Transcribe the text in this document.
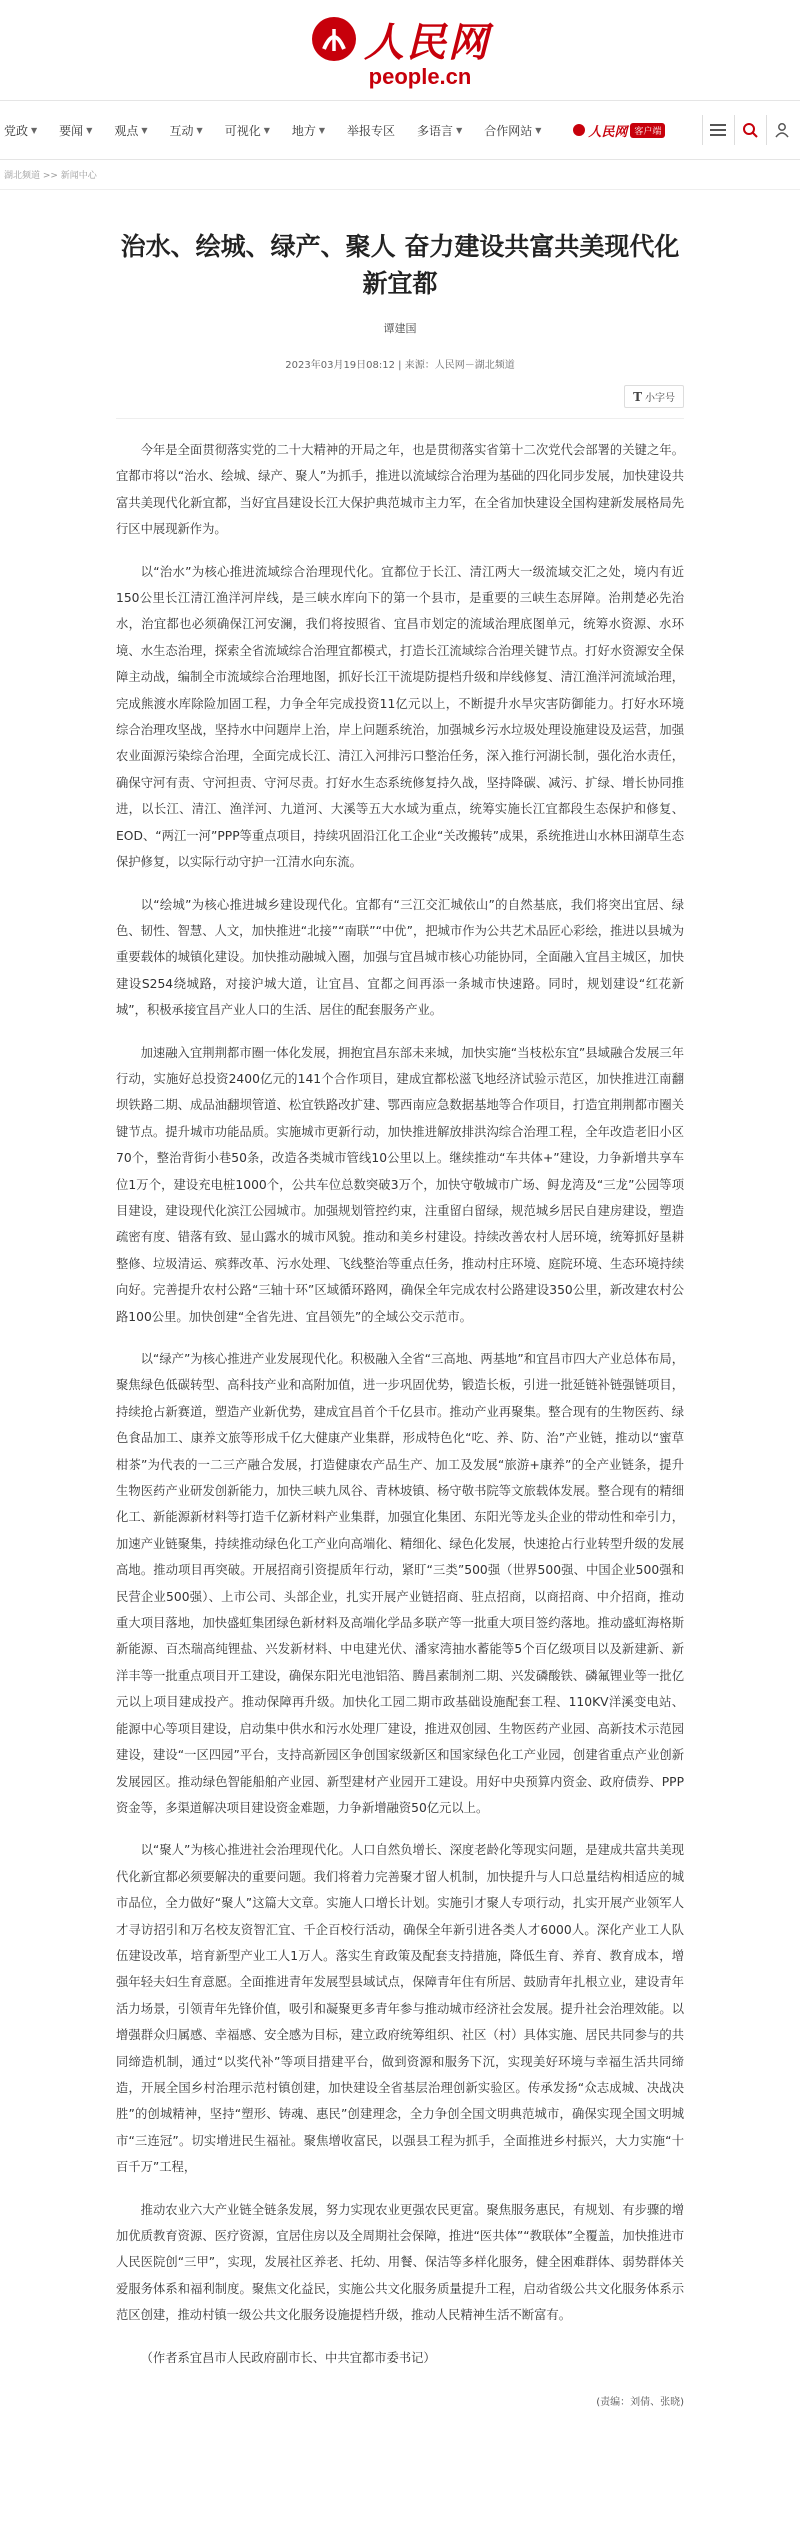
人民网
people.cn
党政 ▼ 要闻 ▼ 观点 ▼ 互动 ▼ 可视化 ▼ 地方 ▼ 举报专区 多语言 ▼ 合作网站 ▼	人民网 客户端
湖北频道 >> 新闻中心
治水、绘城、绿产、聚人 奋力建设共富共美现代化新宜都
谭建国
2023年03月19日08:12 | 来源：人民网－湖北频道
T 小字号

今年是全面贯彻落实党的二十大精神的开局之年，也是贯彻落实省第十二次党代会部署的关键之年。宜都市将以“治水、绘城、绿产、聚人”为抓手，推进以流域综合治理为基础的四化同步发展，加快建设共富共美现代化新宜都，当好宜昌建设长江大保护典范城市主力军，在全省加快建设全国构建新发展格局先行区中展现新作为。

以“治水”为核心推进流域综合治理现代化。宜都位于长江、清江两大一级流域交汇之处，境内有近150公里长江清江渔洋河岸线，是三峡水库向下的第一个县市，是重要的三峡生态屏障。治荆楚必先治水，治宜都也必须确保江河安澜，我们将按照省、宜昌市划定的流域治理底图单元，统筹水资源、水环境、水生态治理，探索全省流域综合治理宜都模式，打造长江流域综合治理关键节点。打好水资源安全保障主动战，编制全市流域综合治理地图，抓好长江干流堤防提档升级和岸线修复、清江渔洋河流域治理，完成熊渡水库除险加固工程，力争全年完成投资11亿元以上，不断提升水旱灾害防御能力。打好水环境综合治理攻坚战，坚持水中问题岸上治，岸上问题系统治，加强城乡污水垃圾处理设施建设及运营，加强农业面源污染综合治理，全面完成长江、清江入河排污口整治任务，深入推行河湖长制，强化治水责任，确保守河有责、守河担责、守河尽责。打好水生态系统修复持久战，坚持降碳、减污、扩绿、增长协同推进，以长江、清江、渔洋河、九道河、大溪等五大水域为重点，统筹实施长江宜都段生态保护和修复、EOD、“两江一河”PPP等重点项目，持续巩固沿江化工企业“关改搬转”成果，系统推进山水林田湖草生态保护修复，以实际行动守护一江清水向东流。

以“绘城”为核心推进城乡建设现代化。宜都有“三江交汇城依山”的自然基底，我们将突出宜居、绿色、韧性、智慧、人文，加快推进“北接”“南联”“中优”，把城市作为公共艺术品匠心彩绘，推进以县城为重要载体的城镇化建设。加快推动融城入圈，加强与宜昌城市核心功能协同，全面融入宜昌主城区，加快建设S254绕城路，对接沪城大道，让宜昌、宜都之间再添一条城市快速路。同时，规划建设“红花新城”，积极承接宜昌产业人口的生活、居住的配套服务产业。

加速融入宜荆荆都市圈一体化发展，拥抱宜昌东部未来城，加快实施“当枝松东宜”县域融合发展三年行动，实施好总投资2400亿元的141个合作项目，建成宜都松滋飞地经济试验示范区，加快推进江南翻坝铁路二期、成品油翻坝管道、松宜铁路改扩建、鄂西南应急数据基地等合作项目，打造宜荆荆都市圈关键节点。提升城市功能品质。实施城市更新行动，加快推进解放排洪沟综合治理工程，全年改造老旧小区70个，整治背街小巷50条，改造各类城市管线10公里以上。继续推动“车共体+”建设，力争新增共享车位1万个，建设充电桩1000个，公共车位总数突破3万个，加快守敬城市广场、鲟龙湾及“三龙”公园等项目建设，建设现代化滨江公园城市。加强规划管控约束，注重留白留绿，规范城乡居民自建房建设，塑造疏密有度、错落有致、显山露水的城市风貌。推动和美乡村建设。持续改善农村人居环境，统筹抓好垦耕整修、垃圾清运、殡葬改革、污水处理、飞线整治等重点任务，推动村庄环境、庭院环境、生态环境持续向好。完善提升农村公路“三轴十环”区域循环路网，确保全年完成农村公路建设350公里，新改建农村公路100公里。加快创建“全省先进、宜昌领先”的全域公交示范市。

以“绿产”为核心推进产业发展现代化。积极融入全省“三高地、两基地”和宜昌市四大产业总体布局，聚焦绿色低碳转型、高科技产业和高附加值，进一步巩固优势，锻造长板，引进一批延链补链强链项目，持续抢占新赛道，塑造产业新优势，建成宜昌首个千亿县市。推动产业再聚集。整合现有的生物医药、绿色食品加工、康养文旅等形成千亿大健康产业集群，形成特色化“吃、养、防、治”产业链，推动以“蜜草柑茶”为代表的一二三产融合发展，打造健康农产品生产、加工及发展“旅游+康养”的全产业链条，提升生物医药产业研发创新能力，加快三峡九凤谷、青林坡镇、杨守敬书院等文旅载体发展。整合现有的精细化工、新能源新材料等打造千亿新材料产业集群，加强宜化集团、东阳光等龙头企业的带动性和牵引力，加速产业链聚集，持续推动绿色化工产业向高端化、精细化、绿色化发展，快速抢占行业转型升级的发展高地。推动项目再突破。开展招商引资提质年行动，紧盯“三类”500强（世界500强、中国企业500强和民营企业500强）、上市公司、头部企业，扎实开展产业链招商、驻点招商，以商招商、中介招商，推动重大项目落地，加快盛虹集团绿色新材料及高端化学品多联产等一批重大项目签约落地。推动盛虹海格斯新能源、百杰瑞高纯锂盐、兴发新材料、中电建光伏、潘家湾抽水蓄能等5个百亿级项目以及新建新、新洋丰等一批重点项目开工建设，确保东阳光电池铝箔、腾昌素制剂二期、兴发磷酸铁、磷氟锂业等一批亿元以上项目建成投产。推动保障再升级。加快化工园二期市政基础设施配套工程、110KV洋溪变电站、能源中心等项目建设，启动集中供水和污水处理厂建设，推进双创园、生物医药产业园、高新技术示范园建设，建设“一区四园”平台，支持高新园区争创国家级新区和国家绿色化工产业园，创建省重点产业创新发展园区。推动绿色智能船舶产业园、新型建材产业园开工建设。用好中央预算内资金、政府债券、PPP资金等，多渠道解决项目建设资金难题，力争新增融资50亿元以上。

以“聚人”为核心推进社会治理现代化。人口自然负增长、深度老龄化等现实问题，是建成共富共美现代化新宜都必须要解决的重要问题。我们将着力完善聚才留人机制，加快提升与人口总量结构相适应的城市品位，全力做好“聚人”这篇大文章。实施人口增长计划。实施引才聚人专项行动，扎实开展产业领军人才寻访招引和万名校友资智汇宜、千企百校行活动，确保全年新引进各类人才6000人。深化产业工人队伍建设改革，培育新型产业工人1万人。落实生育政策及配套支持措施，降低生育、养育、教育成本，增强年轻夫妇生育意愿。全面推进青年发展型县域试点，保障青年住有所居、鼓励青年扎根立业，建设青年活力场景，引领青年先锋价值，吸引和凝聚更多青年参与推动城市经济社会发展。提升社会治理效能。以增强群众归属感、幸福感、安全感为目标，建立政府统筹组织、社区（村）具体实施、居民共同参与的共同缔造机制，通过“以奖代补”等项目措建平台，做到资源和服务下沉，实现美好环境与幸福生活共同缔造，开展全国乡村治理示范村镇创建，加快建设全省基层治理创新实验区。传承发扬“众志成城、决战决胜”的创城精神，坚持“塑形、铸魂、惠民”创建理念，全力争创全国文明典范城市，确保实现全国文明城市“三连冠”。切实增进民生福祉。聚焦增收富民，以强县工程为抓手，全面推进乡村振兴，大力实施“十百千万”工程，

推动农业六大产业链全链条发展，努力实现农业更强农民更富。聚焦服务惠民，有规划、有步骤的增加优质教育资源、医疗资源，宜居住房以及全周期社会保障，推进“医共体”“教联体”全覆盖，加快推进市人民医院创“三甲”，实现，发展社区养老、托幼、用餐、保洁等多样化服务，健全困难群体、弱势群体关爱服务体系和福利制度。聚焦文化益民，实施公共文化服务质量提升工程，启动省级公共文化服务体系示范区创建，推动村镇一级公共文化服务设施提档升级，推动人民精神生活不断富有。

（作者系宜昌市人民政府副市长、中共宜都市委书记）

(责编：刘倩、张晓)
